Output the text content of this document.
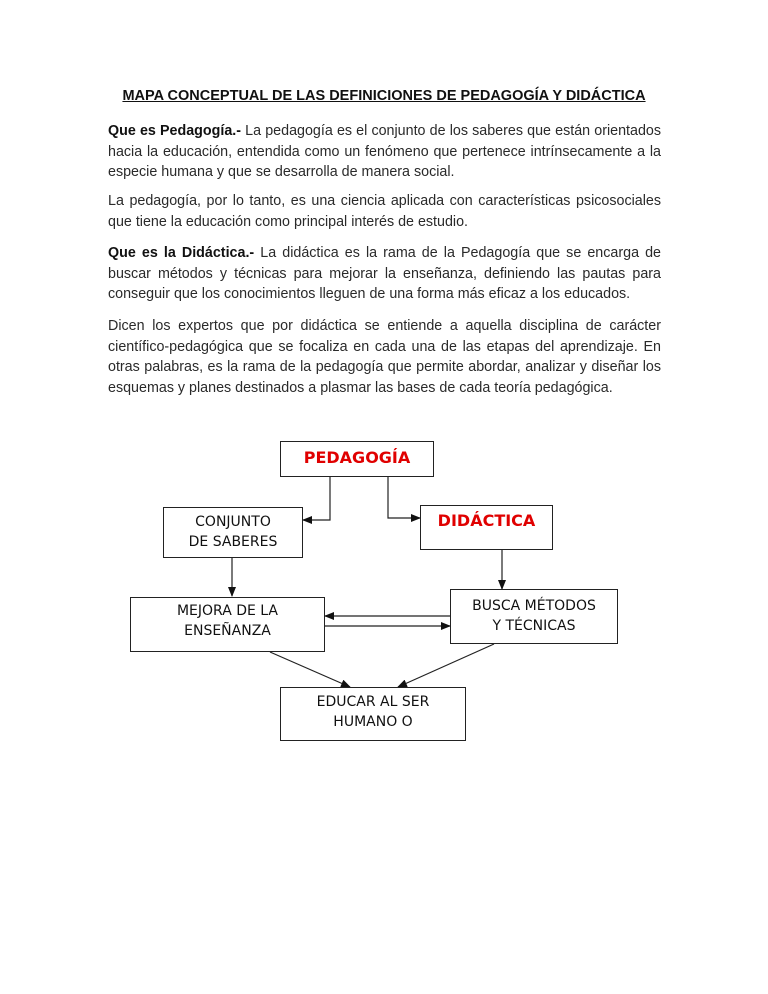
MAPA CONCEPTUAL DE LAS DEFINICIONES DE PEDAGOGÍA Y DIDÁCTICA
Que es Pedagogía.- La pedagogía es el conjunto de los saberes que están orientados hacia la educación, entendida como un fenómeno que pertenece intrínsecamente a la especie humana y que se desarrolla de manera social.
La pedagogía, por lo tanto, es una ciencia aplicada con características psicosociales que tiene la educación como principal interés de estudio.
Que es la Didáctica.- La didáctica es la rama de la Pedagogía que se encarga de buscar métodos y técnicas para mejorar la enseñanza, definiendo las pautas para conseguir que los conocimientos lleguen de una forma más eficaz a los educados.
Dicen los expertos que por didáctica se entiende a aquella disciplina de carácter científico-pedagógica que se focaliza en cada una de las etapas del aprendizaje. En otras palabras, es la rama de la pedagogía que permite abordar, analizar y diseñar los esquemas y planes destinados a plasmar las bases de cada teoría pedagógica.
PEDAGOGÍA
DIDÁCTICA
CONJUNTO
DE SABERES
MEJORA DE LA
ENSEÑANZA
BUSCA MÉTODOS
Y TÉCNICAS
EDUCAR AL SER
HUMANO O
